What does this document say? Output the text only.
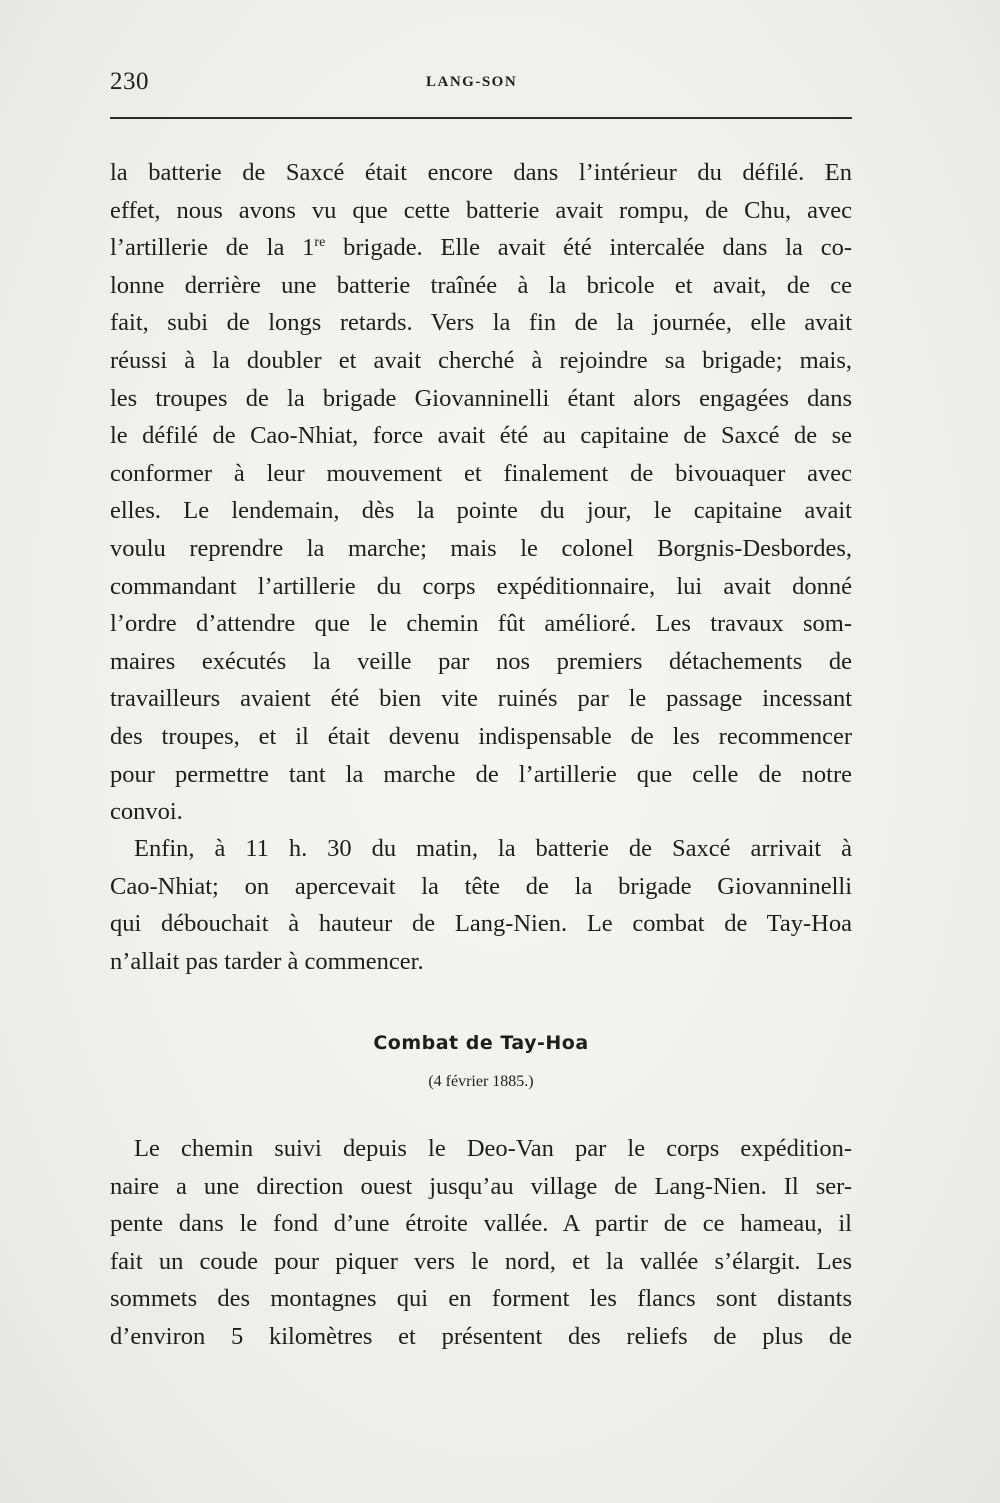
230	LANG-SON
la batterie de Saxcé était encore dans l’intérieur du défilé. En
effet, nous avons vu que cette batterie avait rompu, de Chu, avec
l’artillerie de la 1re brigade. Elle avait été intercalée dans la co-
lonne derrière une batterie traînée à la bricole et avait, de ce
fait, subi de longs retards. Vers la fin de la journée, elle avait
réussi à la doubler et avait cherché à rejoindre sa brigade; mais,
les troupes de la brigade Giovanninelli étant alors engagées dans
le défilé de Cao-Nhiat, force avait été au capitaine de Saxcé de se
conformer à leur mouvement et finalement de bivouaquer avec
elles. Le lendemain, dès la pointe du jour, le capitaine avait
voulu reprendre la marche; mais le colonel Borgnis-Desbordes,
commandant l’artillerie du corps expéditionnaire, lui avait donné
l’ordre d’attendre que le chemin fût amélioré. Les travaux som-
maires exécutés la veille par nos premiers détachements de
travailleurs avaient été bien vite ruinés par le passage incessant
des troupes, et il était devenu indispensable de les recommencer
pour permettre tant la marche de l’artillerie que celle de notre
convoi.
Enfin, à 11 h. 30 du matin, la batterie de Saxcé arrivait à
Cao-Nhiat; on apercevait la tête de la brigade Giovanninelli
qui débouchait à hauteur de Lang-Nien. Le combat de Tay-Hoa
n’allait pas tarder à commencer.
Combat de Tay-Hoa
(4 février 1885.)
Le chemin suivi depuis le Deo-Van par le corps expédition-
naire a une direction ouest jusqu’au village de Lang-Nien. Il ser-
pente dans le fond d’une étroite vallée. A partir de ce hameau, il
fait un coude pour piquer vers le nord, et la vallée s’élargit. Les
sommets des montagnes qui en forment les flancs sont distants
d’environ 5 kilomètres et présentent des reliefs de plus de
